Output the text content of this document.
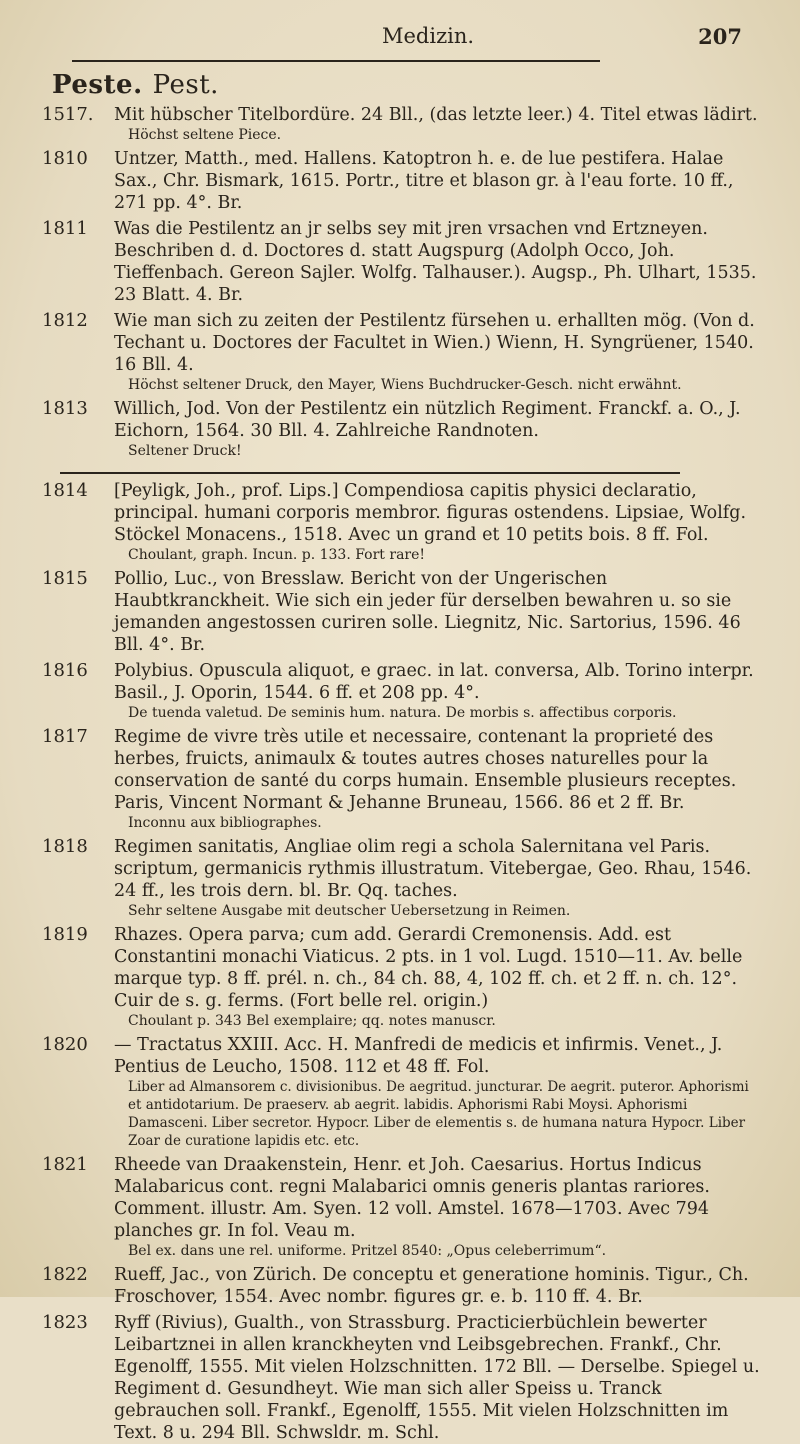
Medizin.	207
Peste. Pest.
1517. Mit hübscher Titelbordüre. 24 Bll., (das letzte leer.) 4. Titel etwas lädirt.
Höchst seltene Piece.
1810 Untzer, Matth., med. Hallens. Katoptron h. e. de lue pestifera. Halae Sax., Chr. Bismark, 1615. Portr., titre et blason gr. à l'eau forte. 10 ff., 271 pp. 4°. Br.
1811 Was die Pestilentz an jr selbs sey mit jren vrsachen vnd Ertzneyen. Beschriben d. d. Doctores d. statt Augspurg (Adolph Occo, Joh. Tieffenbach. Gereon Sajler. Wolfg. Talhauser.). Augsp., Ph. Ulhart, 1535. 23 Blatt. 4. Br.
1812 Wie man sich zu zeiten der Pestilentz fürsehen u. erhallten mög. (Von d. Techant u. Doctores der Facultet in Wien.) Wienn, H. Syngrüener, 1540. 16 Bll. 4.
Höchst seltener Druck, den Mayer, Wiens Buchdrucker-Gesch. nicht erwähnt.
1813 Willich, Jod. Von der Pestilentz ein nützlich Regiment. Franckf. a. O., J. Eichorn, 1564. 30 Bll. 4. Zahlreiche Randnoten.
Seltener Druck!
1814 [Peyligk, Joh., prof. Lips.] Compendiosa capitis physici declaratio, principal. humani corporis membror. figuras ostendens. Lipsiae, Wolfg. Stöckel Monacens., 1518. Avec un grand et 10 petits bois. 8 ff. Fol.
Choulant, graph. Incun. p. 133. Fort rare!
1815 Pollio, Luc., von Bresslaw. Bericht von der Ungerischen Haubtkranckheit. Wie sich ein jeder für derselben bewahren u. so sie jemanden angestossen curiren solle. Liegnitz, Nic. Sartorius, 1596. 46 Bll. 4°. Br.
1816 Polybius. Opuscula aliquot, e graec. in lat. conversa, Alb. Torino interpr. Basil., J. Oporin, 1544. 6 ff. et 208 pp. 4°.
De tuenda valetud. De seminis hum. natura. De morbis s. affectibus corporis.
1817 Regime de vivre très utile et necessaire, contenant la proprieté des herbes, fruicts, animaulx & toutes autres choses naturelles pour la conservation de santé du corps humain. Ensemble plusieurs receptes. Paris, Vincent Normant & Jehanne Bruneau, 1566. 86 et 2 ff. Br.
Inconnu aux bibliographes.
1818 Regimen sanitatis, Angliae olim regi a schola Salernitana vel Paris. scriptum, germanicis rythmis illustratum. Vitebergae, Geo. Rhau, 1546. 24 ff., les trois dern. bl. Br. Qq. taches.
Sehr seltene Ausgabe mit deutscher Uebersetzung in Reimen.
1819 Rhazes. Opera parva; cum add. Gerardi Cremonensis. Add. est Constantini monachi Viaticus. 2 pts. in 1 vol. Lugd. 1510—11. Av. belle marque typ. 8 ff. prél. n. ch., 84 ch. 88, 4, 102 ff. ch. et 2 ff. n. ch. 12°. Cuir de s. g. ferms. (Fort belle rel. origin.)
Choulant p. 343 Bel exemplaire; qq. notes manuscr.
1820 — Tractatus XXIII. Acc. H. Manfredi de medicis et infirmis. Venet., J. Pentius de Leucho, 1508. 112 et 48 ff. Fol.
Liber ad Almansorem c. divisionibus. De aegritud. juncturar. De aegrit. puteror. Aphorismi et antidotarium. De praeserv. ab aegrit. labidis. Aphorismi Rabi Moysi. Aphorismi Damasceni. Liber secretor. Hypocr. Liber de elementis s. de humana natura Hypocr. Liber Zoar de curatione lapidis etc. etc.
1821 Rheede van Draakenstein, Henr. et Joh. Caesarius. Hortus Indicus Malabaricus cont. regni Malabarici omnis generis plantas rariores. Comment. illustr. Am. Syen. 12 voll. Amstel. 1678—1703. Avec 794 planches gr. In fol. Veau m.
Bel ex. dans une rel. uniforme. Pritzel 8540: „Opus celeberrimum“.
1822 Rueff, Jac., von Zürich. De conceptu et generatione hominis. Tigur., Ch. Froschover, 1554. Avec nombr. figures gr. e. b. 110 ff. 4. Br.
1823 Ryff (Rivius), Gualth., von Strassburg. Practicierbüchlein bewerter Leibartznei in allen kranckheyten vnd Leibsgebrechen. Frankf., Chr. Egenolff, 1555. Mit vielen Holzschnitten. 172 Bll. — Derselbe. Spiegel u. Regiment d. Gesundheyt. Wie man sich aller Speiss u. Tranck gebrauchen soll. Frankf., Egenolff, 1555. Mit vielen Holzschnitten im Text. 8 u. 294 Bll. Schwsldr. m. Schl.
